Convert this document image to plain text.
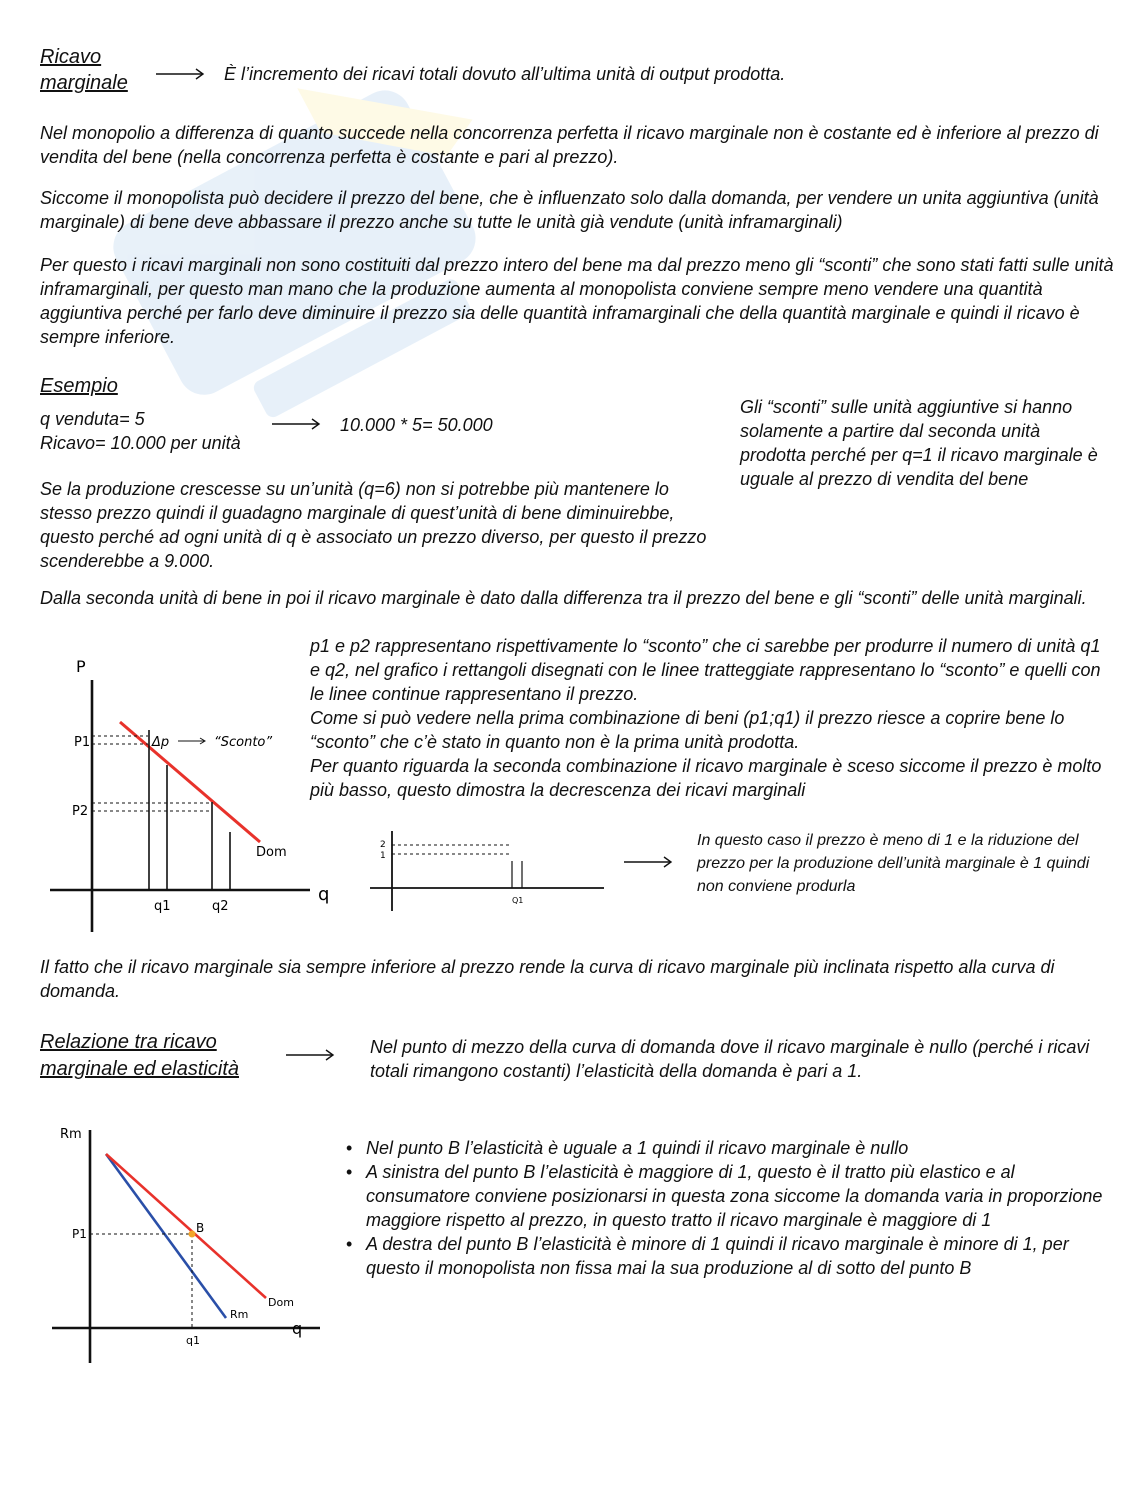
Ricavo

marginale	È l’incremento dei ricavi totali dovuto all’ultima unità di output prodotta.

Nel monopolio a differenza di quanto succede nella concorrenza perfetta il ricavo marginale non è costante ed è inferiore al prezzo di vendita del bene (nella concorrenza perfetta è costante e pari al prezzo).

Siccome il monopolista può decidere il prezzo del bene, che è influenzato solo dalla domanda, per vendere un unita aggiuntiva (unità marginale) di bene deve abbassare il prezzo anche su tutte le unità già vendute (unità inframarginali)

Per questo i ricavi marginali non sono costituiti dal prezzo intero del bene ma dal prezzo meno gli “sconti” che sono stati fatti sulle unità inframarginali, per questo man mano che la produzione aumenta al monopolista conviene sempre meno vendere una quantità aggiuntiva perché per farlo deve diminuire il prezzo sia delle quantità inframarginali che della quantità marginale e quindi il ricavo è sempre inferiore.

Esempio

q venduta= 5

Ricavo= 10.000 per unità

10.000 * 5= 50.000

Gli “sconti” sulle unità aggiuntive si hanno solamente a partire dal seconda unità prodotta perché per q=1 il ricavo marginale è uguale al prezzo di vendita del bene

Se la produzione crescesse su un’unità (q=6) non si potrebbe più mantenere lo stesso prezzo quindi il guadagno marginale di quest’unità di bene diminuirebbe, questo perché ad ogni unità di q è associato un prezzo diverso, per questo il prezzo scenderebbe a 9.000.

Dalla seconda unità di bene in poi il ricavo marginale è dato dalla differenza tra il prezzo del bene e gli “sconti” delle unità marginali.

P
q
Dom
P1
P2
q1	q2
Δp	“Sconto”

p1 e p2 rappresentano rispettivamente lo “sconto” che ci sarebbe per produrre il numero di unità q1 e q2, nel grafico i rettangoli disegnati con le linee tratteggiate rappresentano lo “sconto” e quelli con le linee continue rappresentano il prezzo.
Come si può vedere nella prima combinazione di beni (p1;q1) il prezzo riesce a coprire bene lo “sconto” che c’è stato in quanto non è la prima unità prodotta.
Per quanto riguarda la seconda combinazione il ricavo marginale è sceso siccome il prezzo è molto più basso, questo dimostra la decrescenza dei ricavi marginali

2
1
Q1

In questo caso il prezzo è meno di 1 e la riduzione del prezzo per la produzione dell’unità marginale è 1 quindi non conviene produrla

Il fatto che il ricavo marginale sia sempre inferiore al prezzo rende la curva di ricavo marginale più inclinata rispetto alla curva di domanda.

Relazione tra ricavo

marginale ed elasticità

Nel punto di mezzo della curva di domanda dove il ricavo marginale è nullo (perché i ricavi totali rimangono costanti) l’elasticità della domanda è pari a 1.

Rm
q
B
P1
q1
Rm
Dom
• Nel punto B l’elasticità è uguale a 1 quindi il ricavo marginale è nullo
• A sinistra del punto B l’elasticità è maggiore di 1, questo è il tratto più elastico e al consumatore conviene posizionarsi in questa zona siccome la domanda varia in proporzione maggiore rispetto al prezzo, in questo tratto il ricavo marginale è maggiore di 1
• A destra del punto B l’elasticità è minore di 1 quindi il ricavo marginale è minore di 1, per questo il monopolista non fissa mai la sua produzione al di sotto del punto B
